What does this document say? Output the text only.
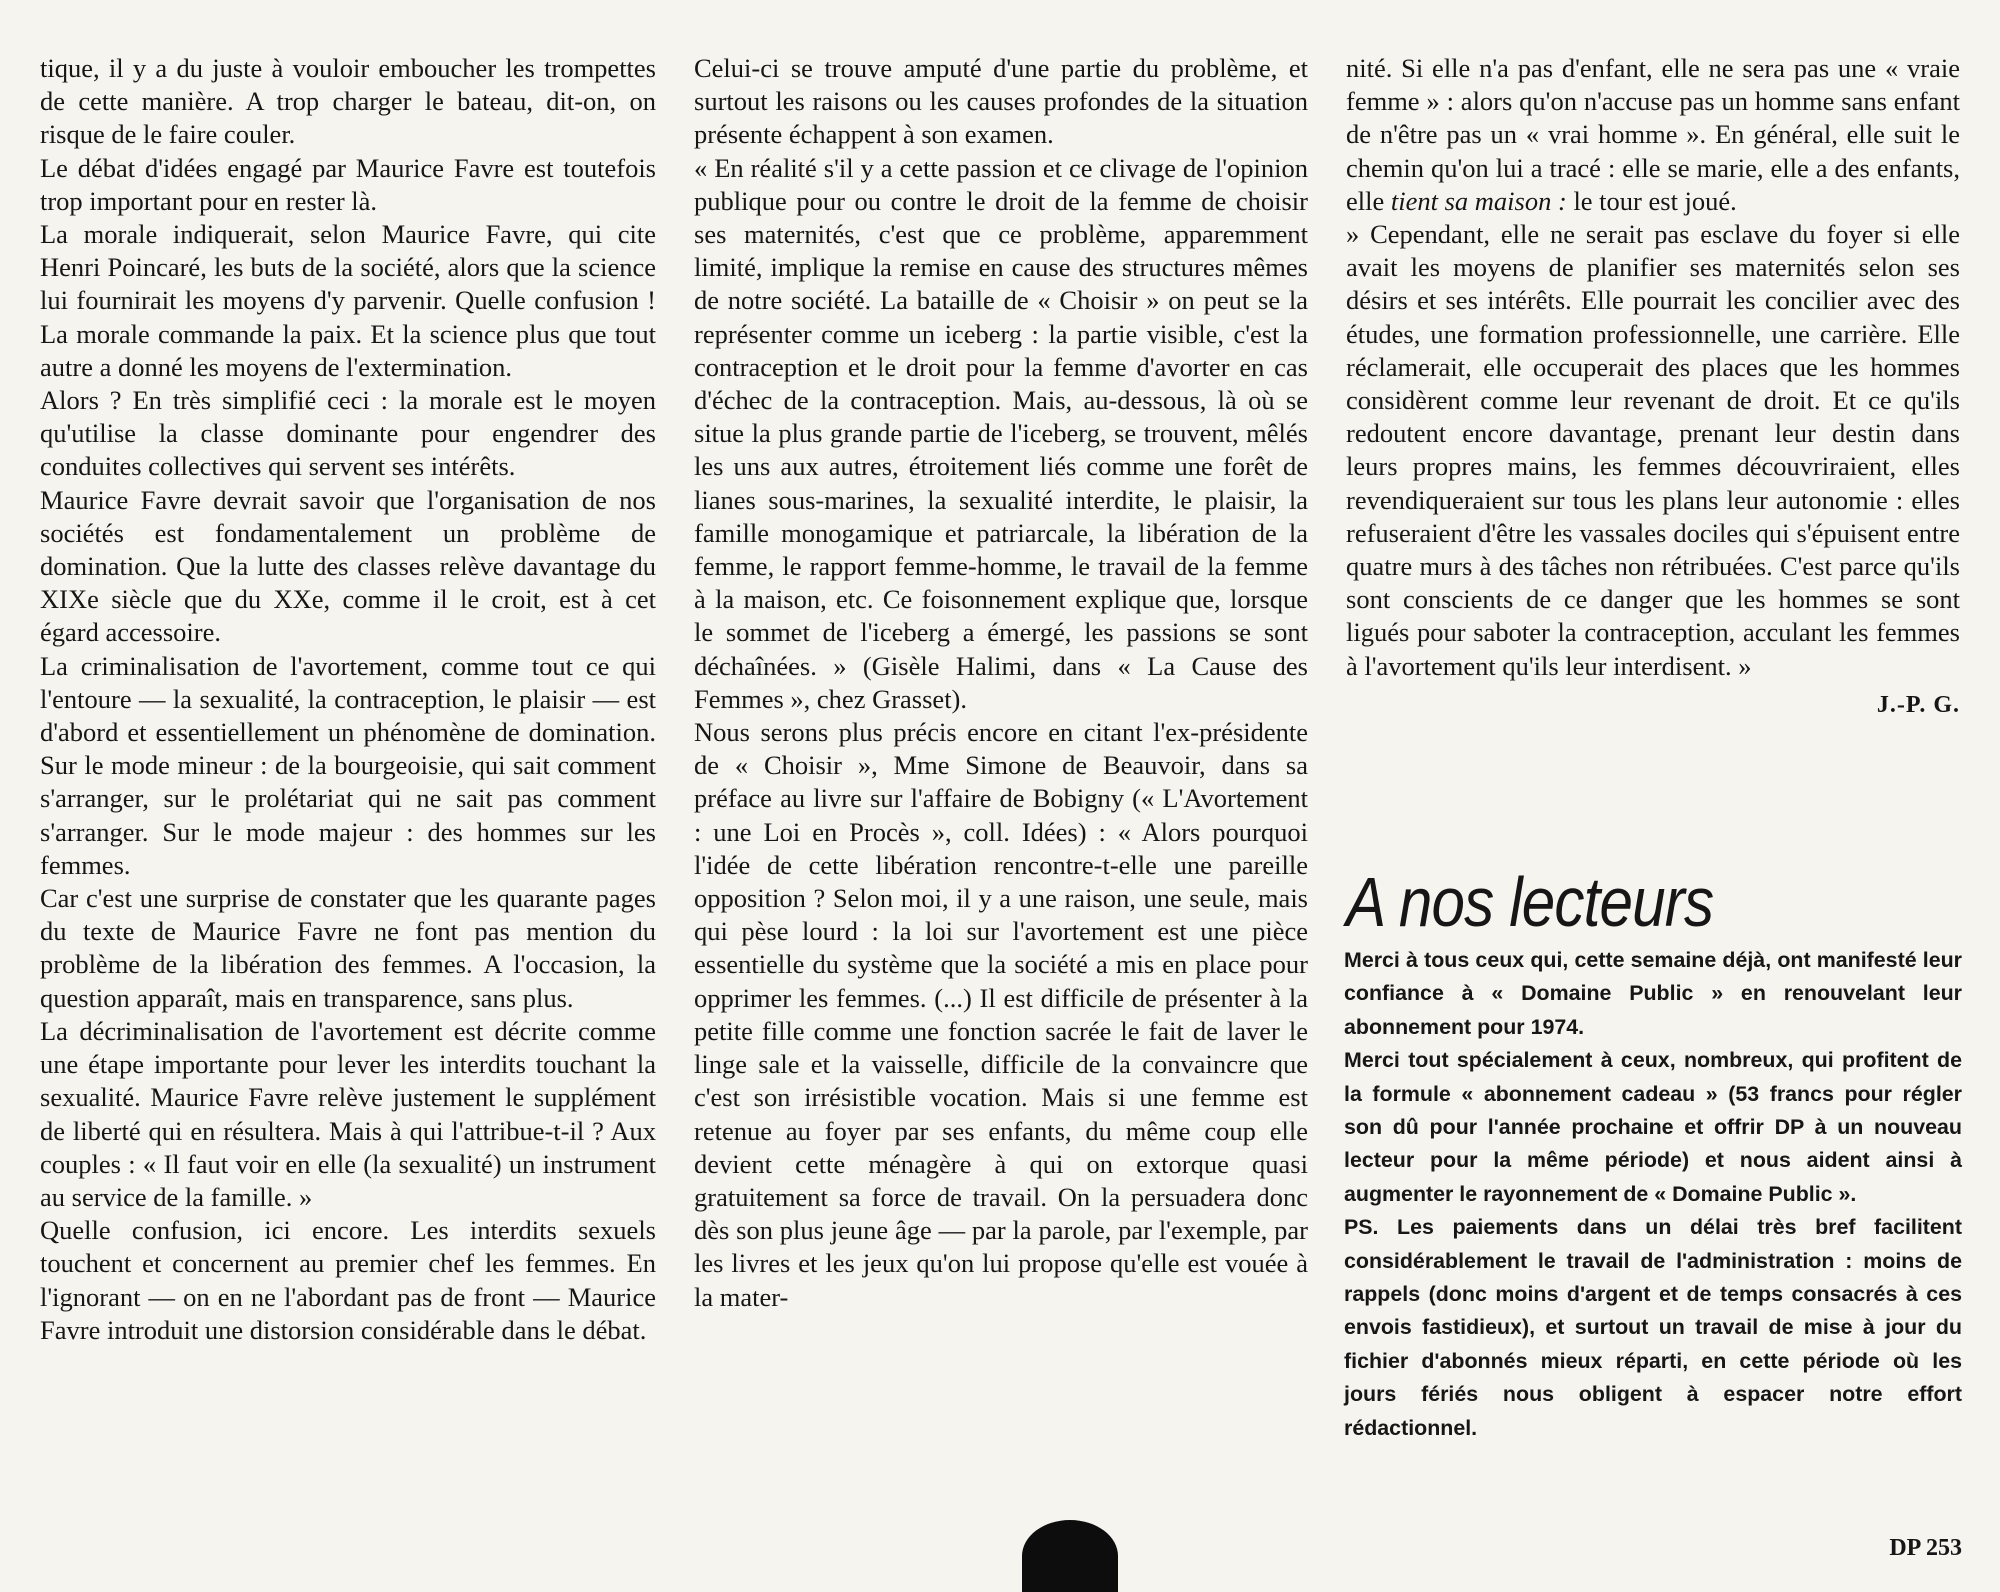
tique, il y a du juste à vouloir emboucher les trompettes de cette manière. A trop charger le bateau, dit-on, on risque de le faire couler.

Le débat d'idées engagé par Maurice Favre est toutefois trop important pour en rester là.

La morale indiquerait, selon Maurice Favre, qui cite Henri Poincaré, les buts de la société, alors que la science lui fournirait les moyens d'y parvenir. Quelle confusion ! La morale commande la paix. Et la science plus que tout autre a donné les moyens de l'extermination.

Alors ? En très simplifié ceci : la morale est le moyen qu'utilise la classe dominante pour engendrer des conduites collectives qui servent ses intérêts.

Maurice Favre devrait savoir que l'organisation de nos sociétés est fondamentalement un problème de domination. Que la lutte des classes relève davantage du XIXe siècle que du XXe, comme il le croit, est à cet égard accessoire.

La criminalisation de l'avortement, comme tout ce qui l'entoure — la sexualité, la contraception, le plaisir — est d'abord et essentiellement un phénomène de domination. Sur le mode mineur : de la bourgeoisie, qui sait comment s'arranger, sur le prolétariat qui ne sait pas comment s'arranger. Sur le mode majeur : des hommes sur les femmes.

Car c'est une surprise de constater que les quarante pages du texte de Maurice Favre ne font pas mention du problème de la libération des femmes. A l'occasion, la question apparaît, mais en transparence, sans plus.

La décriminalisation de l'avortement est décrite comme une étape importante pour lever les interdits touchant la sexualité. Maurice Favre relève justement le supplément de liberté qui en résultera. Mais à qui l'attribue-t-il ? Aux couples : « Il faut voir en elle (la sexualité) un instrument au service de la famille. »

Quelle confusion, ici encore. Les interdits sexuels touchent et concernent au premier chef les femmes. En l'ignorant — on en ne l'abordant pas de front — Maurice Favre introduit une distorsion considérable dans le débat.

Celui-ci se trouve amputé d'une partie du problème, et surtout les raisons ou les causes profondes de la situation présente échappent à son examen.

« En réalité s'il y a cette passion et ce clivage de l'opinion publique pour ou contre le droit de la femme de choisir ses maternités, c'est que ce problème, apparemment limité, implique la remise en cause des structures mêmes de notre société. La bataille de « Choisir » on peut se la représenter comme un iceberg : la partie visible, c'est la contraception et le droit pour la femme d'avorter en cas d'échec de la contraception. Mais, au-dessous, là où se situe la plus grande partie de l'iceberg, se trouvent, mêlés les uns aux autres, étroitement liés comme une forêt de lianes sous-marines, la sexualité interdite, le plaisir, la famille monogamique et patriarcale, la libération de la femme, le rapport femme-homme, le travail de la femme à la maison, etc. Ce foisonnement explique que, lorsque le sommet de l'iceberg a émergé, les passions se sont déchaînées. » (Gisèle Halimi, dans « La Cause des Femmes », chez Grasset).

Nous serons plus précis encore en citant l'ex-présidente de « Choisir », Mme Simone de Beauvoir, dans sa préface au livre sur l'affaire de Bobigny (« L'Avortement : une Loi en Procès », coll. Idées) : « Alors pourquoi l'idée de cette libération rencontre-t-elle une pareille opposition ? Selon moi, il y a une raison, une seule, mais qui pèse lourd : la loi sur l'avortement est une pièce essentielle du système que la société a mis en place pour opprimer les femmes. (...) Il est difficile de présenter à la petite fille comme une fonction sacrée le fait de laver le linge sale et la vaisselle, difficile de la convaincre que c'est son irrésistible vocation. Mais si une femme est retenue au foyer par ses enfants, du même coup elle devient cette ménagère à qui on extorque quasi gratuitement sa force de travail. On la persuadera donc dès son plus jeune âge — par la parole, par l'exemple, par les livres et les jeux qu'on lui propose qu'elle est vouée à la mater-

nité. Si elle n'a pas d'enfant, elle ne sera pas une « vraie femme » : alors qu'on n'accuse pas un homme sans enfant de n'être pas un « vrai homme ». En général, elle suit le chemin qu'on lui a tracé : elle se marie, elle a des enfants, elle tient sa maison : le tour est joué.

» Cependant, elle ne serait pas esclave du foyer si elle avait les moyens de planifier ses maternités selon ses désirs et ses intérêts. Elle pourrait les concilier avec des études, une formation professionnelle, une carrière. Elle réclamerait, elle occuperait des places que les hommes considèrent comme leur revenant de droit. Et ce qu'ils redoutent encore davantage, prenant leur destin dans leurs propres mains, les femmes découvriraient, elles revendiqueraient sur tous les plans leur autonomie : elles refuseraient d'être les vassales dociles qui s'épuisent entre quatre murs à des tâches non rétribuées. C'est parce qu'ils sont conscients de ce danger que les hommes se sont ligués pour saboter la contraception, acculant les femmes à l'avortement qu'ils leur interdisent. »

J.-P. G.

A nos lecteurs

Merci à tous ceux qui, cette semaine déjà, ont manifesté leur confiance à « Domaine Public » en renouvelant leur abonnement pour 1974.

Merci tout spécialement à ceux, nombreux, qui profitent de la formule « abonnement cadeau » (53 francs pour régler son dû pour l'année prochaine et offrir DP à un nouveau lecteur pour la même période) et nous aident ainsi à augmenter le rayonnement de « Domaine Public ».

PS. Les paiements dans un délai très bref facilitent considérablement le travail de l'administration : moins de rappels (donc moins d'argent et de temps consacrés à ces envois fastidieux), et surtout un travail de mise à jour du fichier d'abonnés mieux réparti, en cette période où les jours fériés nous obligent à espacer notre effort rédactionnel.

DP 253
